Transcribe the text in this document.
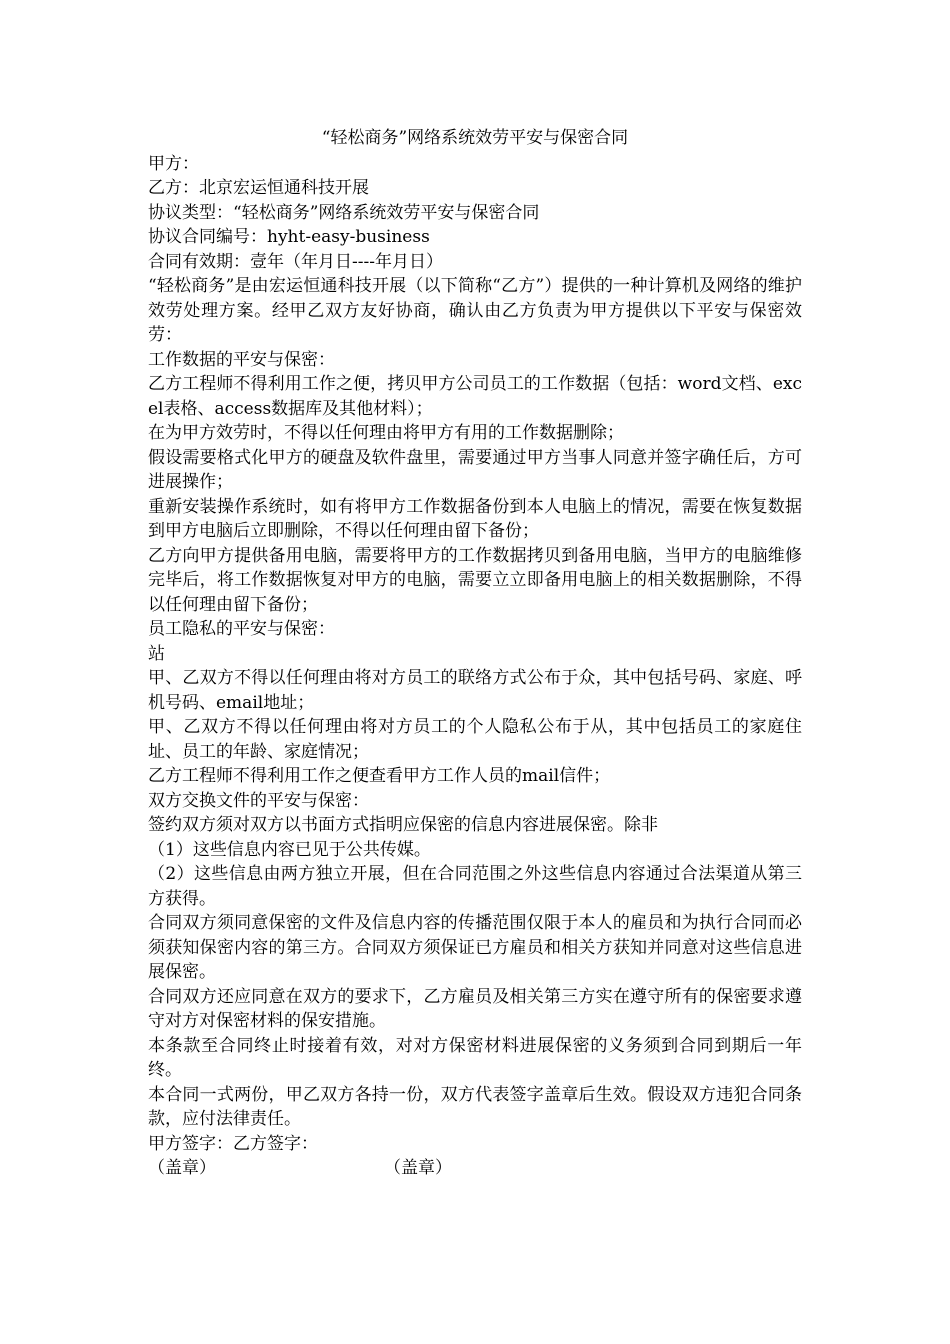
“轻松商务”网络系统效劳平安与保密合同

甲方：

乙方：北京宏运恒通科技开展

协议类型：“轻松商务”网络系统效劳平安与保密合同

协议合同编号：hyht-easy-business

合同有效期：壹年（年月日----年月日）

“轻松商务”是由宏运恒通科技开展（以下简称“乙方”）提供的一种计算机及网络的维护效劳处理方案。经甲乙双方友好协商，确认由乙方负责为甲方提供以下平安与保密效劳：

工作数据的平安与保密：

乙方工程师不得利用工作之便，拷贝甲方公司员工的工作数据（包括：word文档、excel表格、access数据库及其他材料）；

在为甲方效劳时，不得以任何理由将甲方有用的工作数据删除；

假设需要格式化甲方的硬盘及软件盘里，需要通过甲方当事人同意并签字确任后，方可进展操作；

重新安装操作系统时，如有将甲方工作数据备份到本人电脑上的情况，需要在恢复数据到甲方电脑后立即删除，不得以任何理由留下备份；

乙方向甲方提供备用电脑，需要将甲方的工作数据拷贝到备用电脑，当甲方的电脑维修完毕后，将工作数据恢复对甲方的电脑，需要立立即备用电脑上的相关数据删除，不得以任何理由留下备份；

员工隐私的平安与保密：

站

甲、乙双方不得以任何理由将对方员工的联络方式公布于众，其中包括号码、家庭、呼机号码、email地址；

甲、乙双方不得以任何理由将对方员工的个人隐私公布于从，其中包括员工的家庭住址、员工的年龄、家庭情况；

乙方工程师不得利用工作之便查看甲方工作人员的mail信件；

双方交换文件的平安与保密：

签约双方须对双方以书面方式指明应保密的信息内容进展保密。除非

（1）这些信息内容已见于公共传媒。

（2）这些信息由两方独立开展，但在合同范围之外这些信息内容通过合法渠道从第三方获得。

合同双方须同意保密的文件及信息内容的传播范围仅限于本人的雇员和为执行合同而必须获知保密内容的第三方。合同双方须保证已方雇员和相关方获知并同意对这些信息进展保密。

合同双方还应同意在双方的要求下，乙方雇员及相关第三方实在遵守所有的保密要求遵守对方对保密材料的保安措施。

本条款至合同终止时接着有效，对对方保密材料进展保密的义务须到合同到期后一年终。

本合同一式两份，甲乙双方各持一份，双方代表签字盖章后生效。假设双方违犯合同条款，应付法律责任。

甲方签字：乙方签字：

（盖章）	（盖章）
